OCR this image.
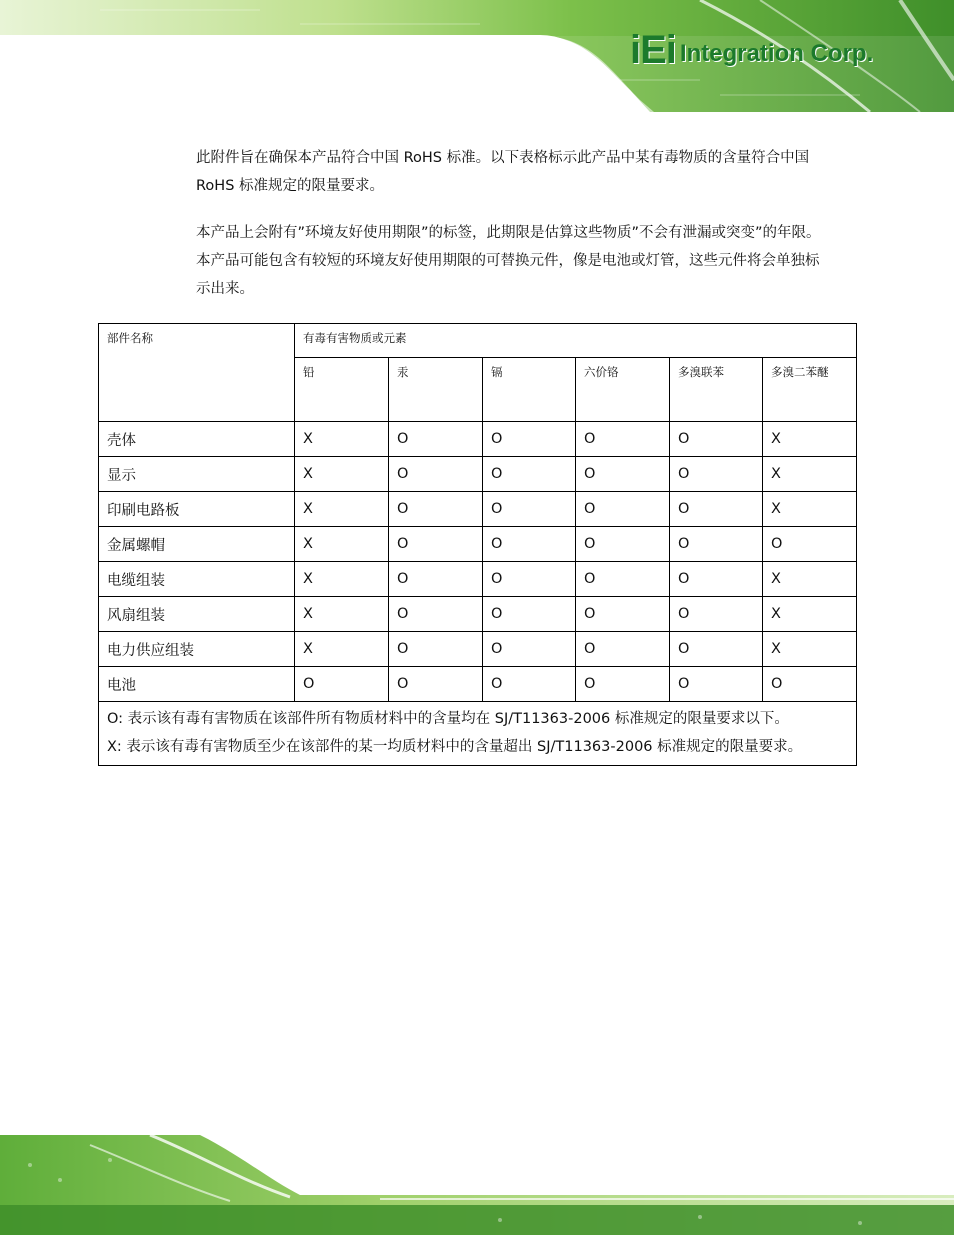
iEi Integration Corp.

此附件旨在确保本产品符合中国 RoHS 标准。以下表格标示此产品中某有毒物质的含量符合中国 RoHS 标准规定的限量要求。

本产品上会附有”环境友好使用期限”的标签，此期限是估算这些物质”不会有泄漏或突变”的年限。本产品可能包含有较短的环境友好使用期限的可替换元件，像是电池或灯管，这些元件将会单独标示出来。

部件名称	有毒有害物质或元素					
	铅	汞	镉	六价铬	多溴联苯	多溴二苯醚
壳体	X	O	O	O	O	X
显示	X	O	O	O	O	X
印刷电路板	X	O	O	O	O	X
金属螺帽	X	O	O	O	O	O
电缆组装	X	O	O	O	O	X
风扇组装	X	O	O	O	O	X
电力供应组装	X	O	O	O	O	X
电池	O	O	O	O	O	O

O: 表示该有毒有害物质在该部件所有物质材料中的含量均在 SJ/T11363-2006 标准规定的限量要求以下。
X: 表示该有毒有害物质至少在该部件的某一均质材料中的含量超出 SJ/T11363-2006 标准规定的限量要求。						
